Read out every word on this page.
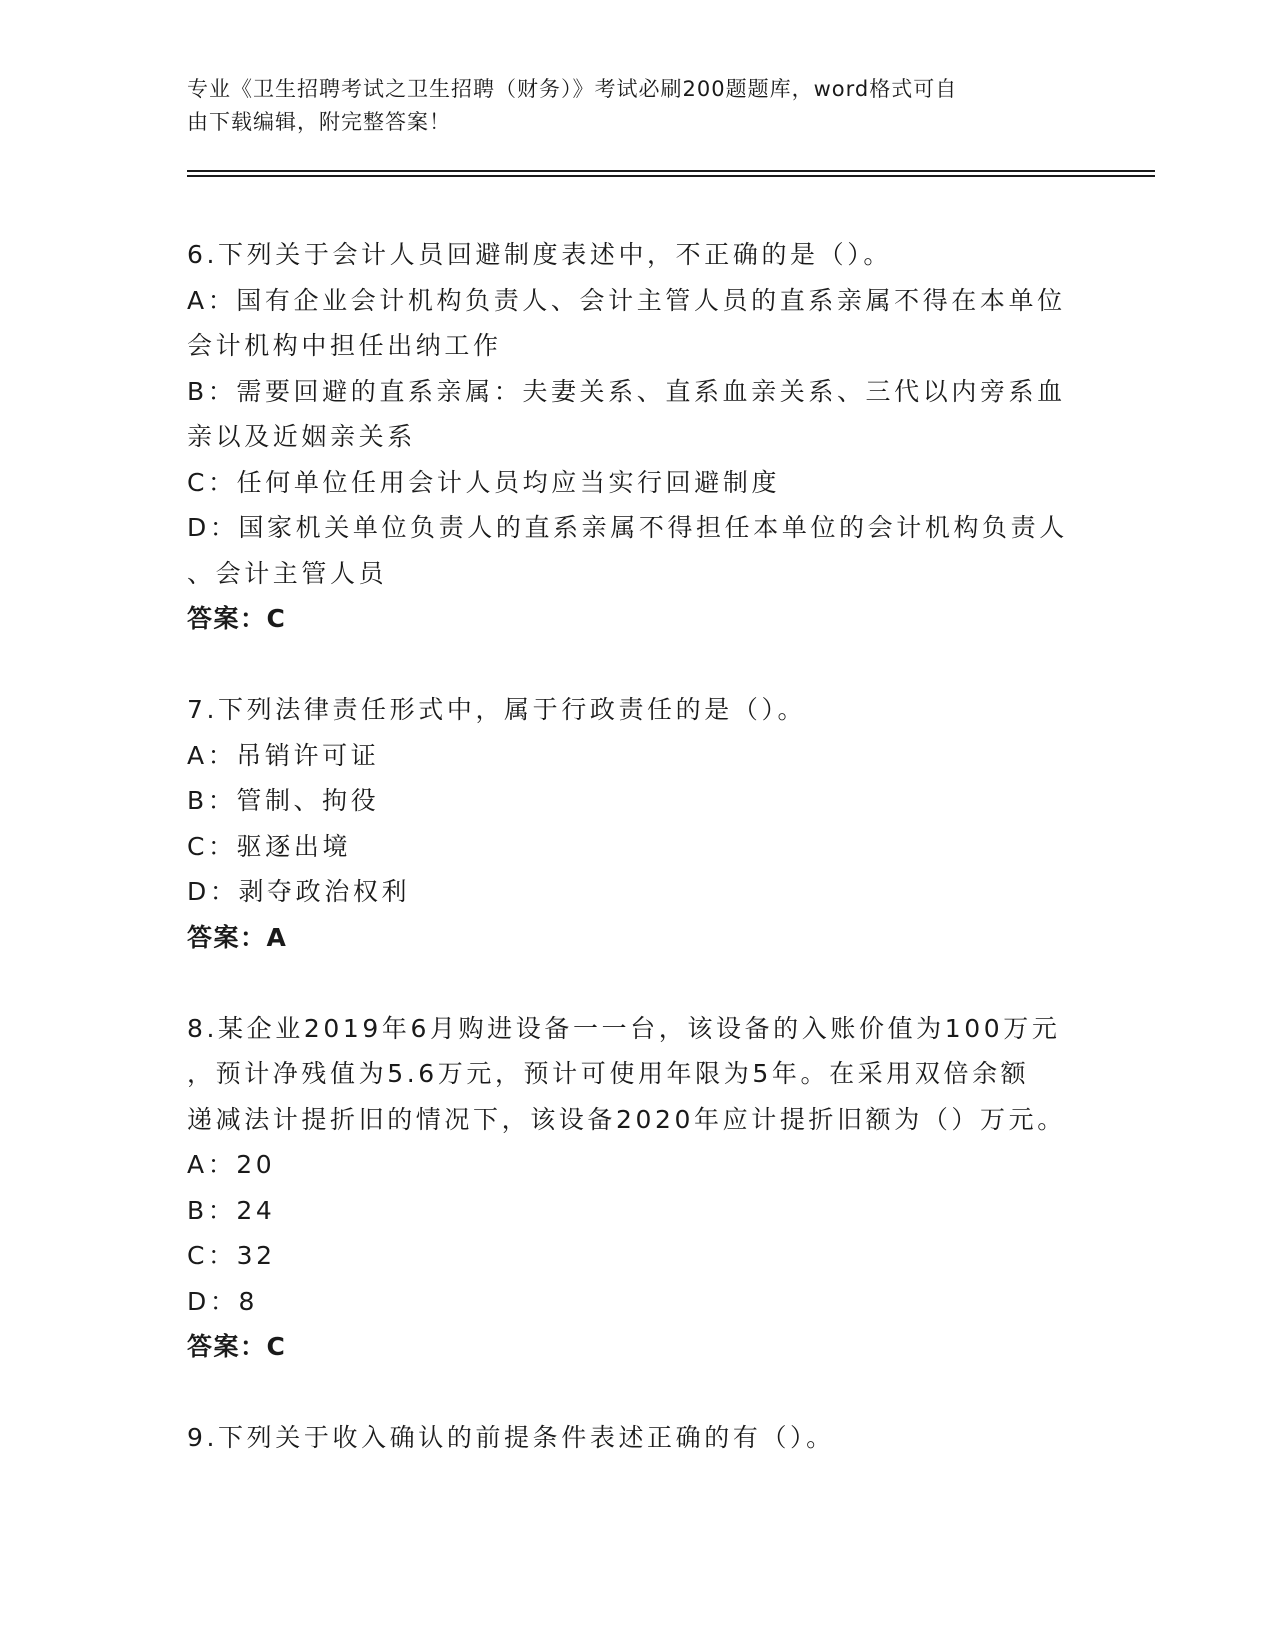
专业《卫生招聘考试之卫生招聘（财务）》考试必刷200题题库，word格式可自
由下载编辑，附完整答案！
6.下列关于会计人员回避制度表述中，不正确的是（）。
A：国有企业会计机构负责人、会计主管人员的直系亲属不得在本单位
会计机构中担任出纳工作
B：需要回避的直系亲属：夫妻关系、直系血亲关系、三代以内旁系血
亲以及近姻亲关系
C：任何单位任用会计人员均应当实行回避制度
D：国家机关单位负责人的直系亲属不得担任本单位的会计机构负责人
、会计主管人员
答案：C
7.下列法律责任形式中，属于行政责任的是（）。
A：吊销许可证
B：管制、拘役
C：驱逐出境
D：剥夺政治权利
答案：A
8.某企业2019年6月购进设备一一台，该设备的入账价值为100万元
，预计净残值为5.6万元，预计可使用年限为5年。在采用双倍余额
递减法计提折旧的情况下，该设备2020年应计提折旧额为（）万元。
A：20
B：24
C：32
D：8
答案：C
9.下列关于收入确认的前提条件表述正确的有（）。
